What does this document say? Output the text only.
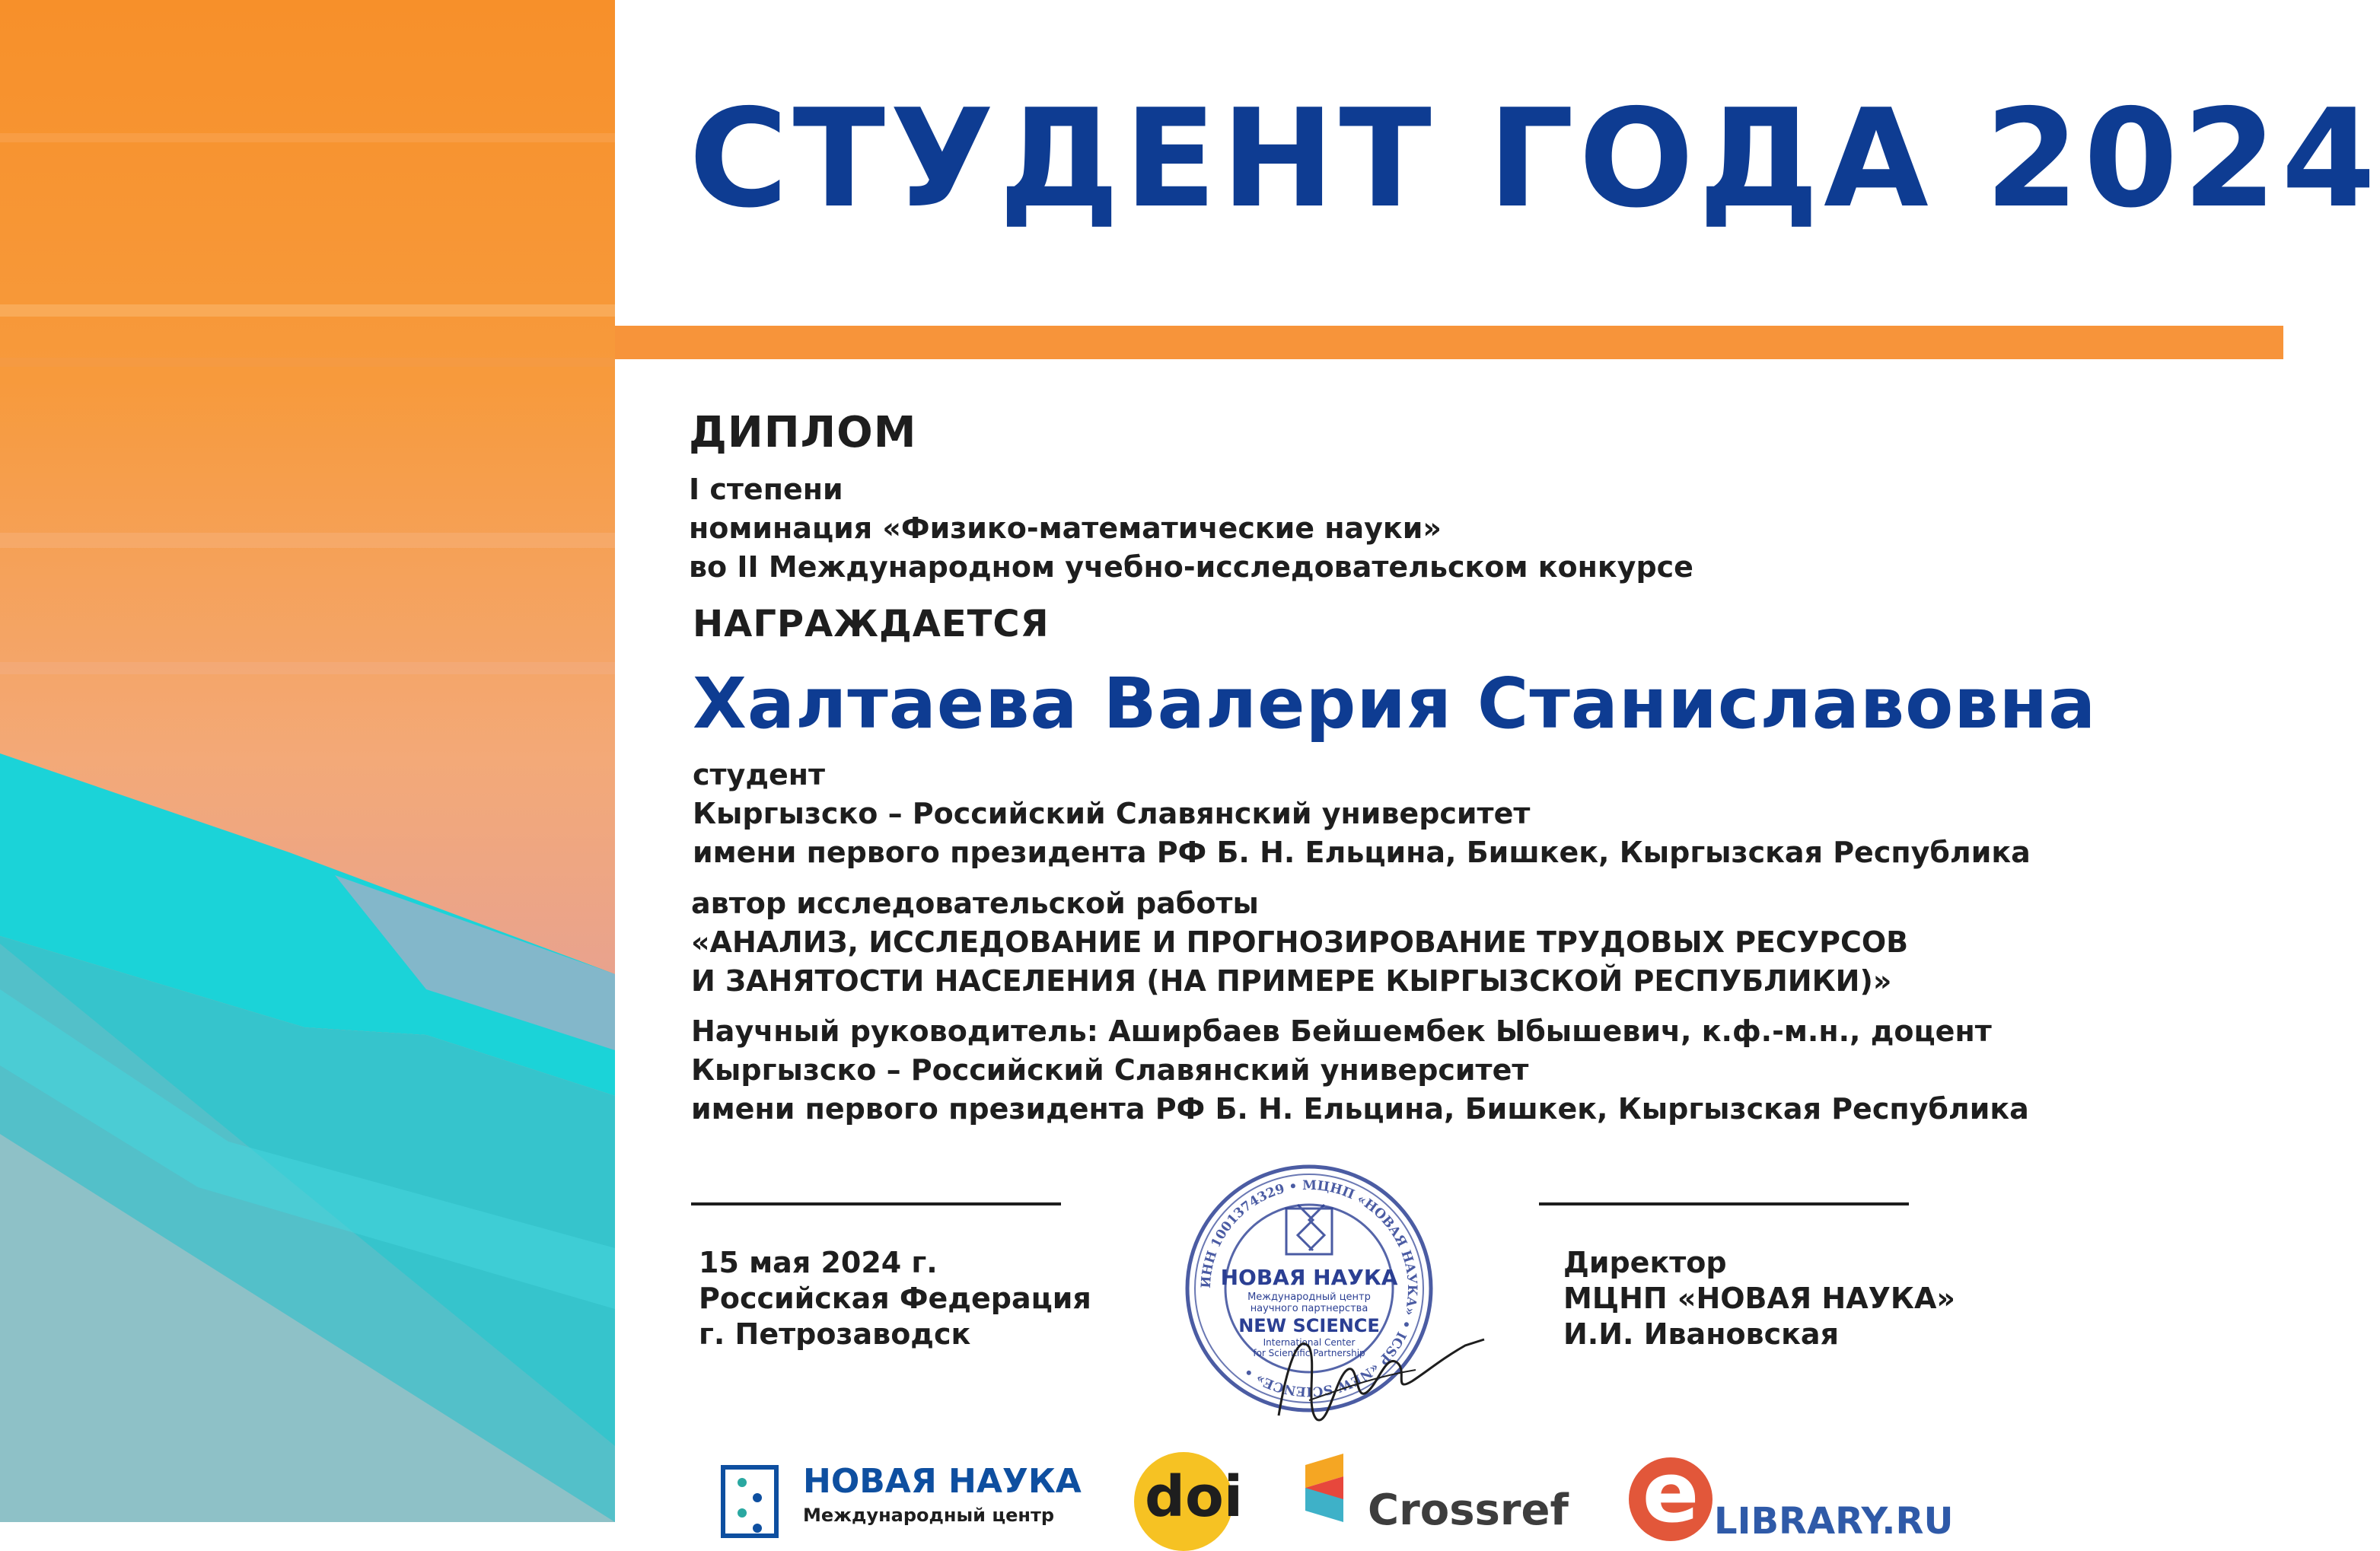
СТУДЕНТ ГОДА 2024
ДИПЛОМ
I степени
номинация «Физико-математические науки»
во II Международном учебно-исследовательском конкурсе
НАГРАЖДАЕТСЯ
Халтаева Валерия Станиславовна
студент
Кыргызско – Российский Славянский университет
имени первого президента РФ Б. Н. Ельцина, Бишкек, Кыргызская Республика
автор исследовательской работы
«АНАЛИЗ, ИССЛЕДОВАНИЕ И ПРОГНОЗИРОВАНИЕ ТРУДОВЫХ РЕСУРСОВ
И ЗАНЯТОСТИ НАСЕЛЕНИЯ (НА ПРИМЕРЕ КЫРГЫЗСКОЙ РЕСПУБЛИКИ)»
Научный руководитель: Аширбаев Бейшембек Ыбышевич, к.ф.-м.н., доцент
Кыргызско – Российский Славянский университет
имени первого президента РФ Б. Н. Ельцина, Бишкек, Кыргызская Республика
15 мая 2024 г.
Российская Федерация
г. Петрозаводск
Директор
МЦНП «НОВАЯ НАУКА»
И.И. Ивановская
ИНН 1001374329 • МЦНП «НОВАЯ НАУКА» • ICSP «NEW SCIENCE» •
НОВАЯ НАУКА
Международный центр
научного партнерства
NEW SCIENCE
International Center
for Scientific Partnership
НОВАЯ НАУКА
Международный центр doi	Crossref e LIBRARY.RU
